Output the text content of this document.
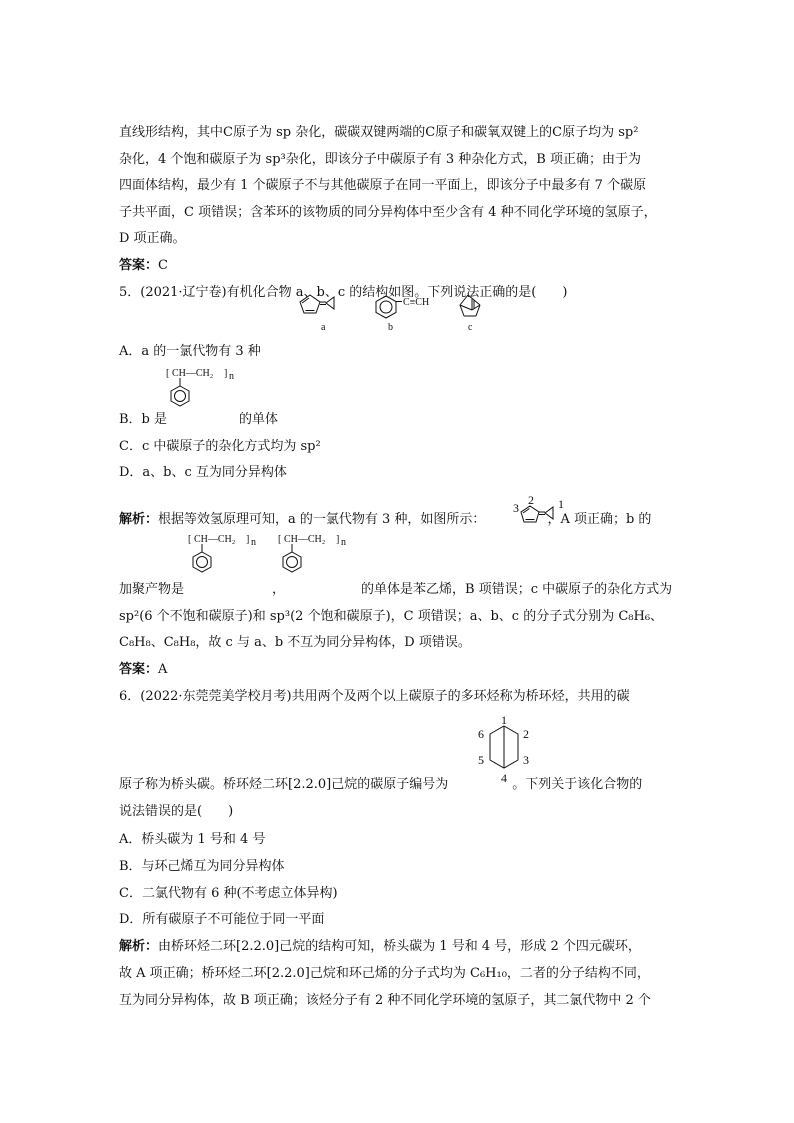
直线形结构，其中C原子为 sp 杂化，碳碳双键两端的C原子和碳氧双键上的C原子均为 sp²
杂化，4 个饱和碳原子为 sp³杂化，即该分子中碳原子有 3 种杂化方式，B 项正确；由于为
四面体结构，最少有 1 个碳原子不与其他碳原子在同一平面上，即该分子中最多有 7 个碳原
子共平面，C 项错误；含苯环的该物质的同分异构体中至少含有 4 种不同化学环境的氢原子，
D 项正确。
答案：C
5．(2021·辽宁卷)有机化合物 a、b、c 的结构如图。下列说法正确的是(　　)
a
C≡CH
b	c
A．a 的一氯代物有 3 种
[ CH—CH₂ ] n
B．b 是	的单体
C．c 中碳原子的杂化方式均为 sp²
D．a、b、c 互为同分异构体
解析：根据等效氢原理可知，a 的一氯代物有 3 种，如图所示：	，A 项正确；b 的
3
2 1
[ CH—CH₂ ] n [ CH—CH₂ ] n
加聚产物是	，	的单体是苯乙烯，B 项错误；c 中碳原子的杂化方式为
sp²(6 个不饱和碳原子)和 sp³(2 个饱和碳原子)，C 项错误；a、b、c 的分子式分别为 C₈H₆、
C₈H₈、C₈H₈，故 c 与 a、b 不互为同分异构体，D 项错误。
答案：A
6．(2022·东莞莞美学校月考)共用两个及两个以上碳原子的多环烃称为桥环烃，共用的碳
1
2
3
4
5
6
原子称为桥头碳。桥环烃二环[2.2.0]己烷的碳原子编号为	。下列关于该化合物的
说法错误的是(　　)
A．桥头碳为 1 号和 4 号
B．与环己烯互为同分异构体
C．二氯代物有 6 种(不考虑立体异构)
D．所有碳原子不可能位于同一平面
解析：由桥环烃二环[2.2.0]己烷的结构可知，桥头碳为 1 号和 4 号，形成 2 个四元碳环，
故 A 项正确；桥环烃二环[2.2.0]己烷和环己烯的分子式均为 C₆H₁₀，二者的分子结构不同，
互为同分异构体，故 B 项正确；该烃分子有 2 种不同化学环境的氢原子，其二氯代物中 2 个
